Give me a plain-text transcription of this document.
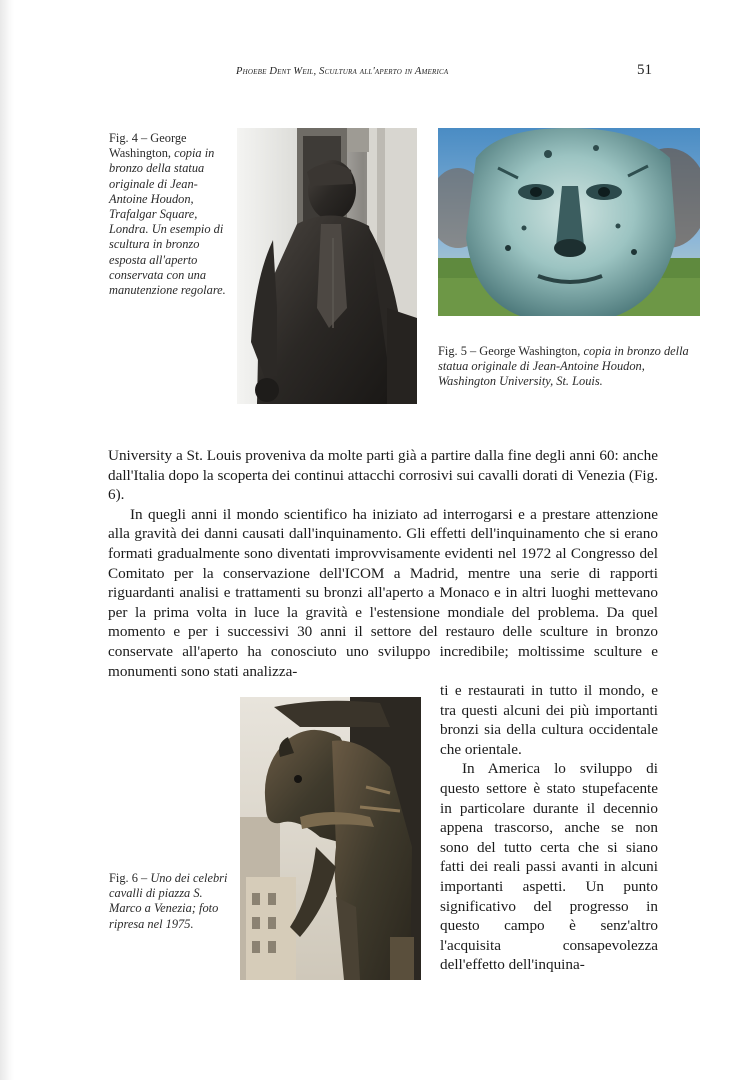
Phoebe Dent Weil, Scultura all'aperto in America	51
Fig. 4 – George Washington, copia in bronzo della statua originale di Jean-Antoine Houdon, Trafalgar Square, Londra. Un esempio di scultura in bronzo esposta all'aperto conservata con una manutenzione regolare.
Fig. 5 – George Washington, copia in bronzo della statua originale di Jean-Antoine Houdon, Washington University, St. Louis.

University a St. Louis proveniva da molte parti già a partire dalla fine degli anni 60: anche dall'Italia dopo la scoperta dei continui attacchi corrosivi sui cavalli dorati di Venezia (Fig. 6).

In quegli anni il mondo scientifico ha iniziato ad interrogarsi e a prestare attenzione alla gravità dei danni causati dall'inquinamento. Gli effetti dell'inquinamento che si erano formati gradualmente sono diventati improvvisamente evidenti nel 1972 al Congresso del Comitato per la conservazione dell'ICOM a Madrid, mentre una serie di rapporti riguardanti analisi e trattamenti su bronzi all'aperto a Monaco e in altri luoghi mettevano per la prima volta in luce la gravità e l'estensione mondiale del problema. Da quel momento e per i successivi 30 anni il settore del restauro delle sculture in bronzo conservate all'aperto ha conosciuto uno sviluppo incredibile; moltissime sculture e monumenti sono stati analizza-

Fig. 6 – Uno dei celebri cavalli di piazza S. Marco a Venezia; foto ripresa nel 1975.

ti e restaurati in tutto il mondo, e tra questi alcuni dei più importanti bronzi sia della cultura occidentale che orientale.

In America lo sviluppo di questo settore è stato stupefacente in particolare durante il decennio appena trascorso, anche se non sono del tutto certa che si siano fatti dei reali passi avanti in alcuni importanti aspetti. Un punto significativo del progresso in questo campo è senz'altro l'acquisita consapevolezza dell'effetto dell'inquina-
